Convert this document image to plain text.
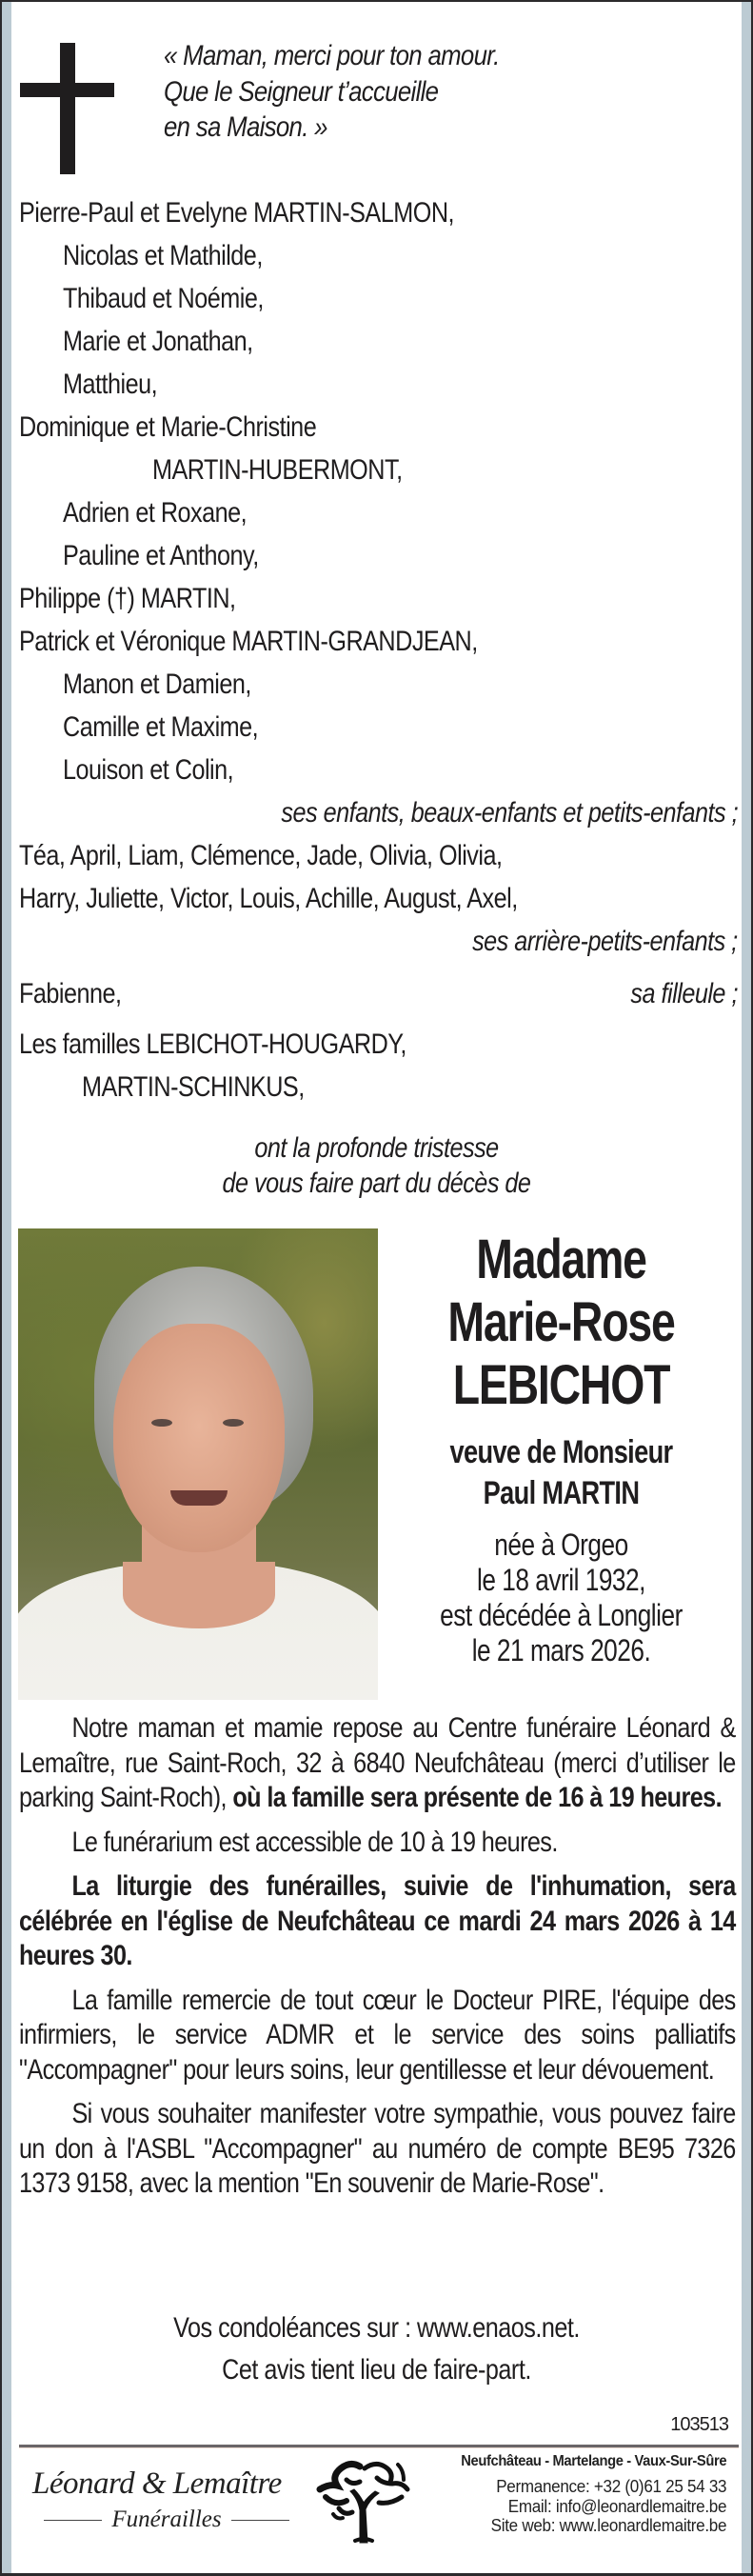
« Maman, merci pour ton amour.
Que le Seigneur t’accueille
en sa Maison. »
Pierre-Paul et Evelyne MARTIN-SALMON,
Nicolas et Mathilde,
Thibaud et Noémie,
Marie et Jonathan,
Matthieu,
Dominique et Marie-Christine
MARTIN-HUBERMONT,
Adrien et Roxane,
Pauline et Anthony,
Philippe (†) MARTIN,
Patrick et Véronique MARTIN-GRANDJEAN,
Manon et Damien,
Camille et Maxime,
Louison et Colin,
ses enfants, beaux-enfants et petits-enfants ;
Téa, April, Liam, Clémence, Jade, Olivia, Olivia,
Harry, Juliette, Victor, Louis, Achille, August, Axel,
ses arrière-petits-enfants ;
Fabienne,	sa filleule ;
Les familles LEBICHOT-HOUGARDY,
MARTIN-SCHINKUS,
ont la profonde tristesse
de vous faire part du décès de
Madame
Marie-Rose
LEBICHOT
veuve de Monsieur
Paul MARTIN
née à Orgeo
le 18 avril 1932,
est décédée à Longlier
le 21 mars 2026.

Notre maman et mamie repose au Centre funéraire Léonard & Lemaître, rue Saint-Roch, 32 à 6840 Neufchâteau (merci d’utiliser le parking Saint-Roch), où la famille sera présente de 16 à 19 heures.

Le funérarium est accessible de 10 à 19 heures.

La liturgie des funérailles, suivie de l'inhumation, sera célébrée en l'église de Neufchâteau ce mardi 24 mars 2026 à 14 heures 30.

La famille remercie de tout cœur le Docteur PIRE, l'équipe des infirmiers, le service ADMR et le service des soins palliatifs "Accompagner" pour leurs soins, leur gentillesse et leur dévouement.

Si vous souhaiter manifester votre sympathie, vous pouvez faire un don à l'ASBL "Accompagner" au numéro de compte BE95 7326 1373 9158, avec la mention "En souvenir de Marie-Rose".

Vos condoléances sur : www.enaos.net.
Cet avis tient lieu de faire-part.
103513
Léonard & Lemaître
Funérailles
Neufchâteau - Martelange - Vaux-Sur-Sûre
Permanence: +32 (0)61 25 54 33
Email: info@leonardlemaitre.be
Site web: www.leonardlemaitre.be
